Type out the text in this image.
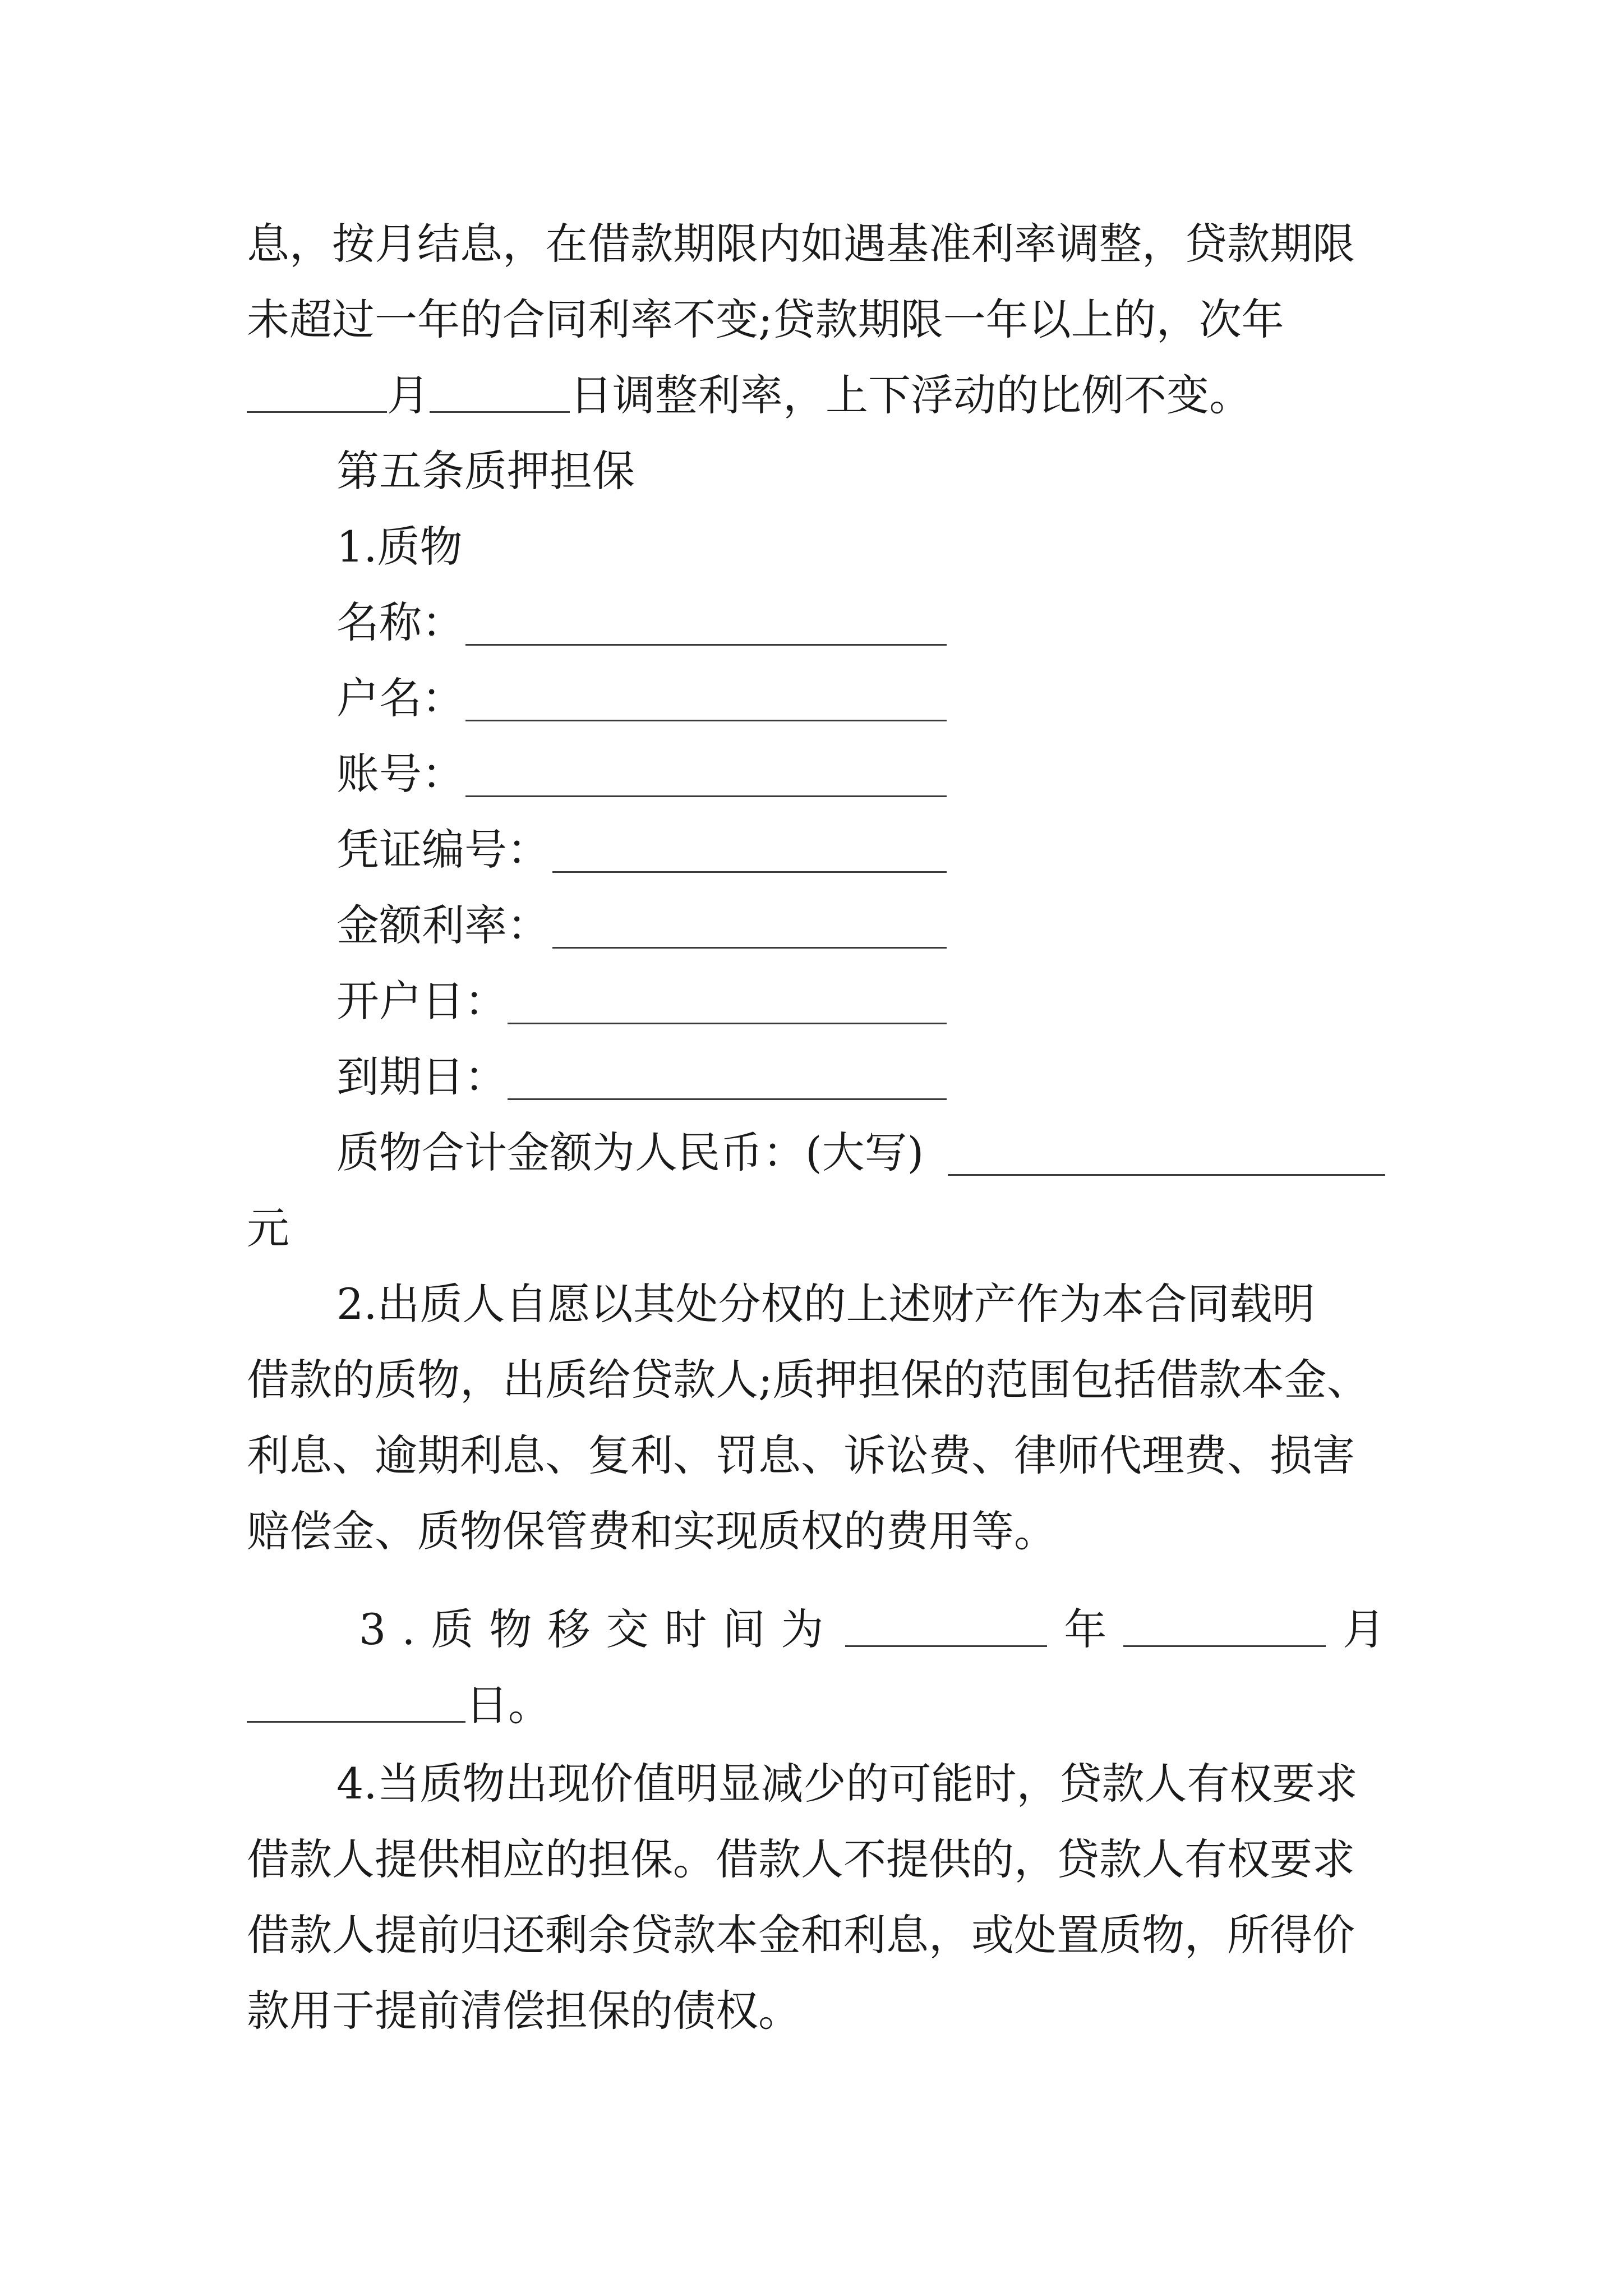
息，按月结息，在借款期限内如遇基准利率调整，贷款期限
未超过一年的合同利率不变;贷款期限一年以上的，次年
月	日调整利率，上下浮动的比例不变。
第五条质押担保
1.质物
名称：
户名：
账号：
凭证编号：
金额利率：
开户日：
到期日：
质物合计金额为人民币：(大写)
元
2.出质人自愿以其处分权的上述财产作为本合同载明
借款的质物，出质给贷款人;质押担保的范围包括借款本金、
利息、逾期利息、复利、罚息、诉讼费、律师代理费、损害
赔偿金、质物保管费和实现质权的费用等。
3.质物移交时间为	年	月
日。
4.当质物出现价值明显减少的可能时，贷款人有权要求
借款人提供相应的担保。借款人不提供的，贷款人有权要求
借款人提前归还剩余贷款本金和利息，或处置质物，所得价
款用于提前清偿担保的债权。
